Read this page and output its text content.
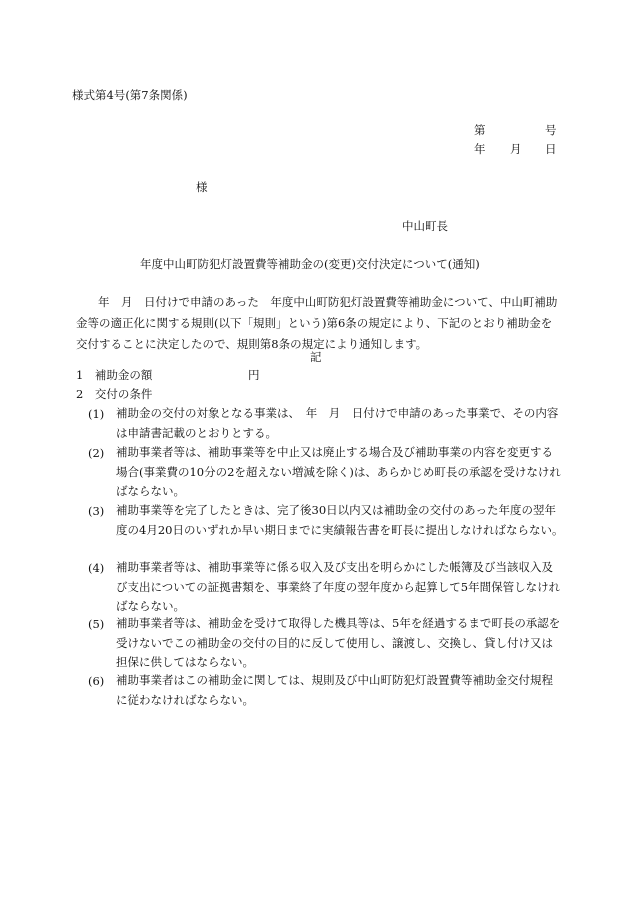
様式第4号(第7条関係)
第	号
年 月 日
様
中山町長
年度中山町防犯灯設置費等補助金の(変更)交付決定について(通知)
年　月　日付けで申請のあった　年度中山町防犯灯設置費等補助金について、中山町補助金等の適正化に関する規則(以下「規則」という)第6条の規定により、下記のとおり補助金を交付することに決定したので、規則第8条の規定により通知します。
記
1　補助金の額	円
2　交付の条件
(1)	補助金の交付の対象となる事業は、　年　月　日付けで申請のあった事業で、その内容は申請書記載のとおりとする。
(2)	補助事業者等は、補助事業等を中止又は廃止する場合及び補助事業の内容を変更する場合(事業費の10分の2を超えない増減を除く)は、あらかじめ町長の承認を受けなければならない。
(3)	補助事業等を完了したときは、完了後30日以内又は補助金の交付のあった年度の翌年度の4月20日のいずれか早い期日までに実績報告書を町長に提出しなければならない。
(4)	補助事業者等は、補助事業等に係る収入及び支出を明らかにした帳簿及び当該収入及び支出についての証拠書類を、事業終了年度の翌年度から起算して5年間保管しなければならない。
(5)	補助事業者等は、補助金を受けて取得した機具等は、5年を経過するまで町長の承認を受けないでこの補助金の交付の目的に反して使用し、譲渡し、交換し、貸し付け又は担保に供してはならない。
(6)	補助事業者はこの補助金に関しては、規則及び中山町防犯灯設置費等補助金交付規程に従わなければならない。
